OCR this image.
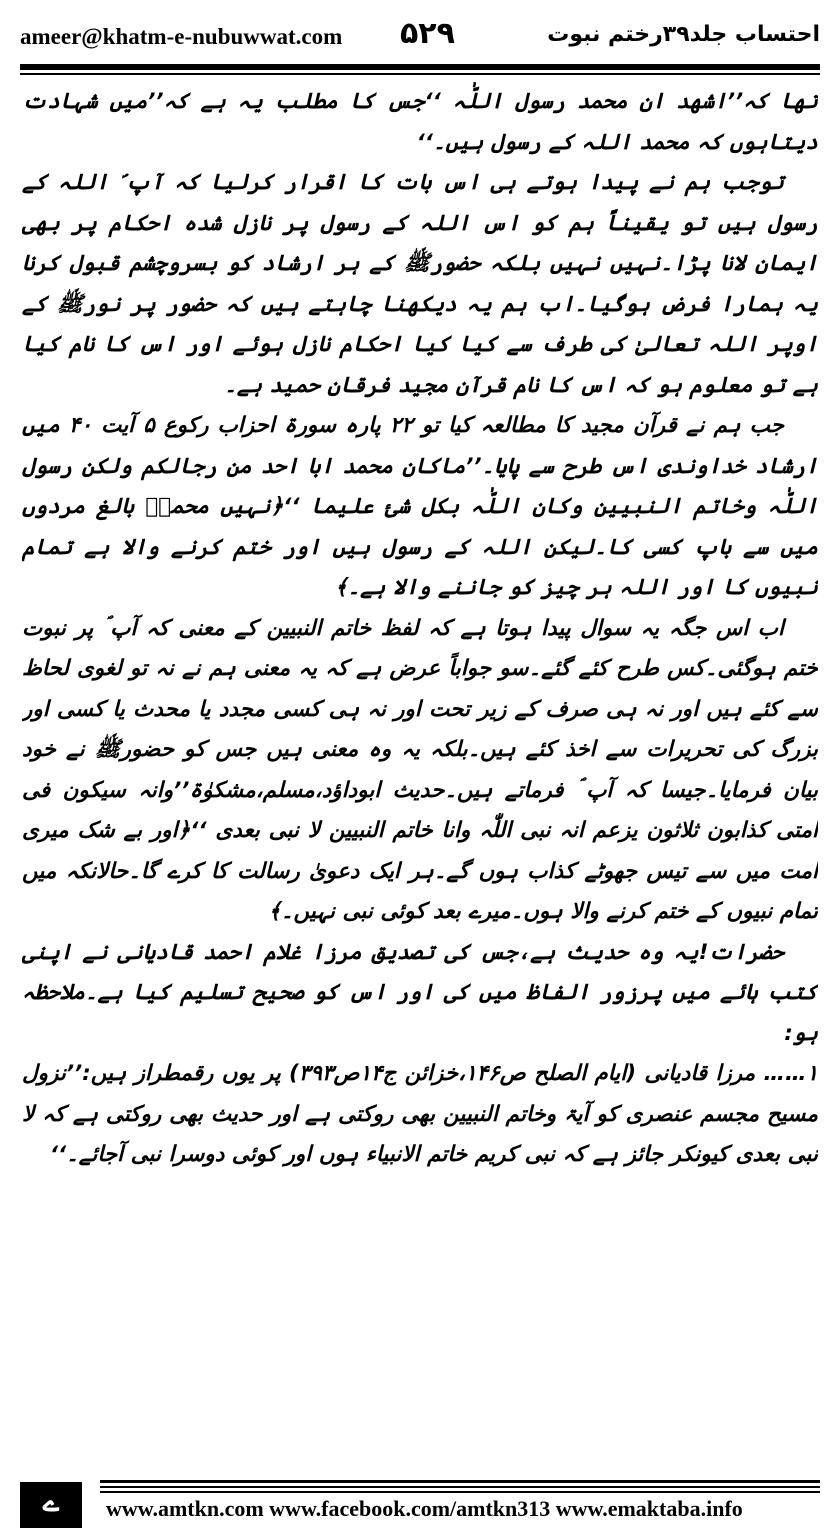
ameer@khatm-e-nubuwwat.com ۵۲۹	احتساب جلد۳۹رختم نبوت

تھا کہ’’اشھد ان محمد رسول اللّٰہ ‘‘جس کا مطلب یہ ہے کہ’’میں شہادت دیتاہوں کہ محمد اللہ کے رسول ہیں۔‘‘

توجب ہم نے پیدا ہوتے ہی اس بات کا اقرار کرلیا کہ آپ ؐ اللہ کے رسول ہیں تو یقیناً ہم کو اس اللہ کے رسول پر نازل شدہ احکام پر بھی ایمان لانا پڑا۔نہیں نہیں بلکہ حضورﷺ کے ہر ارشاد کو بسروچشم قبول کرنا یہ ہمارا فرض ہوگیا۔اب ہم یہ دیکھنا چاہتے ہیں کہ حضور پر نورﷺ کے اوپر اللہ تعالیٰ کی طرف سے کیا کیا احکام نازل ہوئے اور اس کا نام کیا ہے تو معلوم ہو کہ اس کا نام قرآن مجید فرقان حمید ہے۔

جب ہم نے قرآن مجید کا مطالعہ کیا تو ۲۲ پارہ سورۃ احزاب رکوع ۵ آیت ۴۰ میں ارشاد خداوندی اس طرح سے پایا۔’’ماکان محمد ابا احد من رجالکم ولکن رسول اللّٰہ وخاتم النبیین وکان اللّٰہ بکل شئ علیما ‘‘﴿نہیں محمدؐ بالغ مردوں میں سے باپ کسی کا۔لیکن اللہ کے رسول ہیں اور ختم کرنے والا ہے تمام نبیوں کا اور اللہ ہر چیز کو جاننے والا ہے۔﴾

اب اس جگہ یہ سوال پیدا ہوتا ہے کہ لفظ خاتم النبیین کے معنی کہ آپ ؐ پر نبوت ختم ہوگئی۔کس طرح کئے گئے۔سو جواباً عرض ہے کہ یہ معنی ہم نے نہ تو لغوی لحاظ سے کئے ہیں اور نہ ہی صرف کے زیر تحت اور نہ ہی کسی مجدد یا محدث یا کسی اور بزرگ کی تحریرات سے اخذ کئے ہیں۔بلکہ یہ وہ معنی ہیں جس کو حضورﷺ نے خود بیان فرمایا۔جیسا کہ آپ ؐ فرماتے ہیں۔حدیث ابوداؤد،مسلم،مشکوٰۃ’’وانہ سیکون فی امتی کذابون ثلاثون یزعم انہ نبی اللّٰہ وانا خاتم النبیین لا نبی بعدی ‘‘﴿اور بے شک میری امت میں سے تیس جھوٹے کذاب ہوں گے۔ہر ایک دعویٰ رسالت کا کرے گا۔حالانکہ میں تمام نبیوں کے ختم کرنے والا ہوں۔میرے بعد کوئی نبی نہیں۔﴾

حضرات!یہ وہ حدیث ہے،جس کی تصدیق مرزا غلام احمد قادیانی نے اپنی کتب ہائے میں پرزور الفاظ میں کی اور اس کو صحیح تسلیم کیا ہے۔ملاحظہ ہو:

۱…… مرزا قادیانی (ایام الصلح ص۱۴۶،خزائن ج۱۴ص۳۹۳) پر یوں رقمطراز ہیں:’’نزول مسیح مجسم عنصری کو آیۃ وخاتم النبیین بھی روکتی ہے اور حدیث بھی روکتی ہے کہ لا نبی بعدی کیونکر جائز ہے کہ نبی کریم خاتم الانبیاء ہوں اور کوئی دوسرا نبی آجائے۔‘‘

ے	www.amtkn.com www.facebook.com/amtkn313 www.emaktaba.info
